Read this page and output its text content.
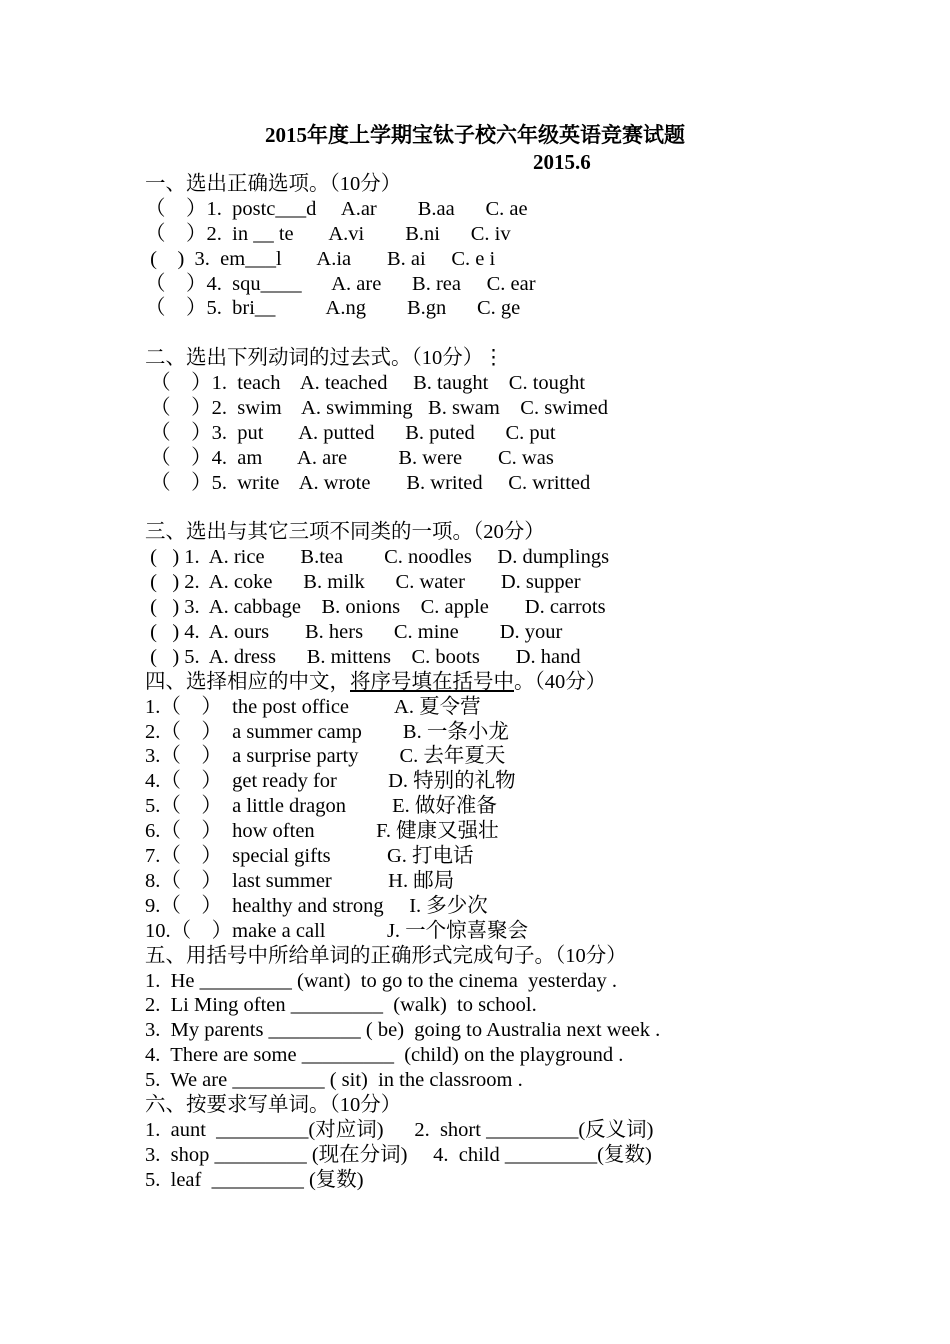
2015年度上学期宝钛子校六年级英语竞赛试题
2015.6
一、选出正确选项。（10分）
（    ）1.  postc___d     A.ar        B.aa      C. ae
（    ）2.  in __ te       A.vi        B.ni      C. iv
(    )  3.  em___l       A.ia       B. ai     C. e i
（    ）4.  squ____      A. are      B. rea     C. ear
（    ）5.  bri__          A.ng        B.gn      C. ge
二、选出下列动词的过去式。（10分）⋮
（    ）1.  teach    A. teached     B. taught    C. tought
（    ）2.  swim    A. swimming   B. swam    C. swimed
（    ）3.  put       A. putted      B. puted      C. put
（    ）4.  am       A. are          B. were       C. was
（    ）5.  write    A. wrote       B. writed     C. writted
三、选出与其它三项不同类的一项。（20分）
(   ) 1.  A. rice       B.tea        C. noodles     D. dumplings
(   ) 2.  A. coke      B. milk      C. water       D. supper
(   ) 3.  A. cabbage    B. onions    C. apple       D. carrots
(   ) 4.  A. ours       B. hers      C. mine        D. your
(   ) 5.  A. dress      B. mittens    C. boots       D. hand
四、选择相应的中文，将序号填在括号中。（40分）
1.（    ）  the post office         A. 夏令营
2.（    ）  a summer camp        B. 一条小龙
3.（    ）  a surprise party        C. 去年夏天
4.（    ）  get ready for          D. 特别的礼物
5.（    ）  a little dragon         E. 做好准备
6.（    ）  how often            F. 健康又强壮
7.（    ）  special gifts           G. 打电话
8.（    ）  last summer           H. 邮局
9.（    ）  healthy and strong     I. 多少次
10.（    ）make a call            J. 一个惊喜聚会
五、用括号中所给单词的正确形式完成句子。（10分）
1.  He _________ (want)  to go to the cinema  yesterday .
2.  Li Ming often _________  (walk)  to school.
3.  My parents _________ ( be)  going to Australia next week .
4.  There are some _________  (child) on the playground .
5.  We are _________ ( sit)  in the classroom .
六、按要求写单词。（10分）
1.  aunt  _________(对应词)      2.  short _________(反义词)
3.  shop _________ (现在分词)     4.  child _________(复数)
5.  leaf  _________ (复数)
